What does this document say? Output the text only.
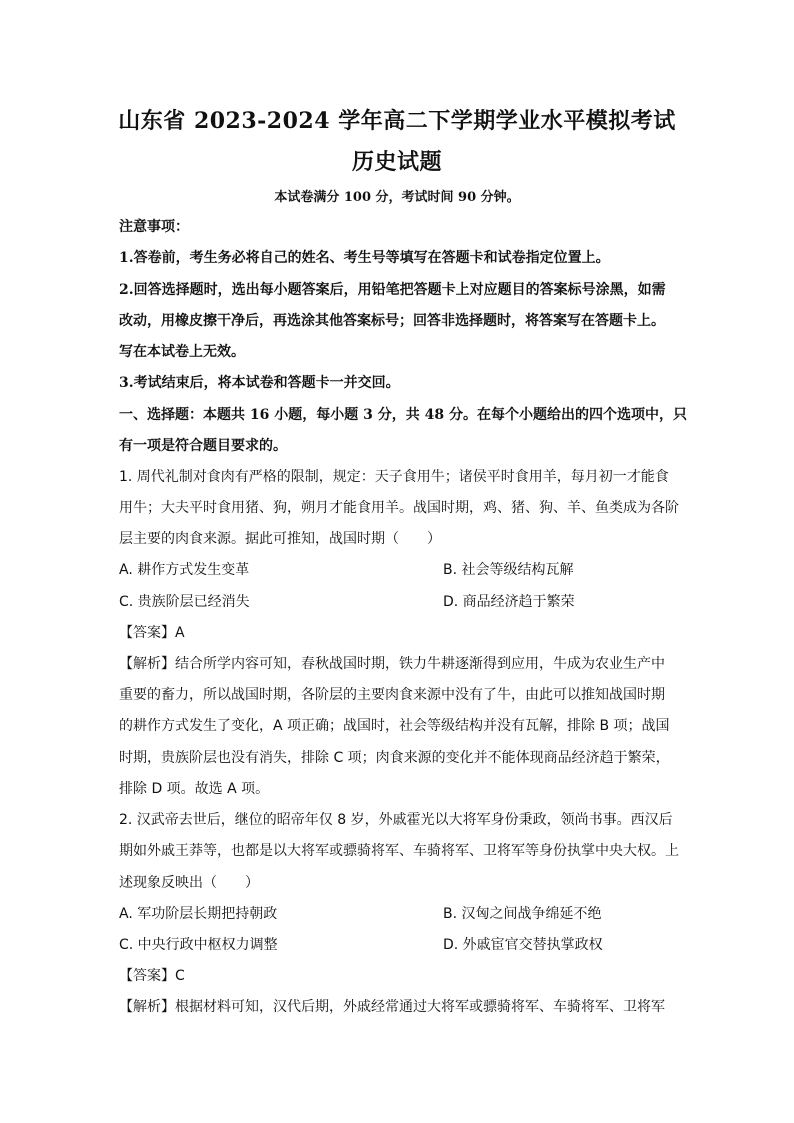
山东省 2023-2024 学年高二下学期学业水平模拟考试
历史试题
本试卷满分 100 分，考试时间 90 分钟。
注意事项：
1.答卷前，考生务必将自己的姓名、考生号等填写在答题卡和试卷指定位置上。
2.回答选择题时，选出每小题答案后，用铅笔把答题卡上对应题目的答案标号涂黑，如需
改动，用橡皮擦干净后，再选涂其他答案标号；回答非选择题时，将答案写在答题卡上。
写在本试卷上无效。
3.考试结束后，将本试卷和答题卡一并交回。
一、选择题：本题共 16 小题，每小题 3 分，共 48 分。在每个小题给出的四个选项中，只
有一项是符合题目要求的。
1. 周代礼制对食肉有严格的限制，规定：天子食用牛；诸侯平时食用羊，每月初一才能食
用牛；大夫平时食用猪、狗，朔月才能食用羊。战国时期，鸡、猪、狗、羊、鱼类成为各阶
层主要的肉食来源。据此可推知，战国时期（　　）
A. 耕作方式发生变革	B. 社会等级结构瓦解
C. 贵族阶层已经消失	D. 商品经济趋于繁荣
【答案】A
【解析】结合所学内容可知，春秋战国时期，铁力牛耕逐渐得到应用，牛成为农业生产中
重要的畜力，所以战国时期，各阶层的主要肉食来源中没有了牛，由此可以推知战国时期
的耕作方式发生了变化，A 项正确；战国时，社会等级结构并没有瓦解，排除 B 项；战国
时期，贵族阶层也没有消失，排除 C 项；肉食来源的变化并不能体现商品经济趋于繁荣，
排除 D 项。故选 A 项。
2. 汉武帝去世后，继位的昭帝年仅 8 岁，外戚霍光以大将军身份秉政，领尚书事。西汉后
期如外戚王莽等，也都是以大将军或骠骑将军、车骑将军、卫将军等身份执掌中央大权。上
述现象反映出（　　）
A. 军功阶层长期把持朝政	B. 汉匈之间战争绵延不绝
C. 中央行政中枢权力调整	D. 外戚宦官交替执掌政权
【答案】C
【解析】根据材料可知，汉代后期，外戚经常通过大将军或骠骑将军、车骑将军、卫将军
